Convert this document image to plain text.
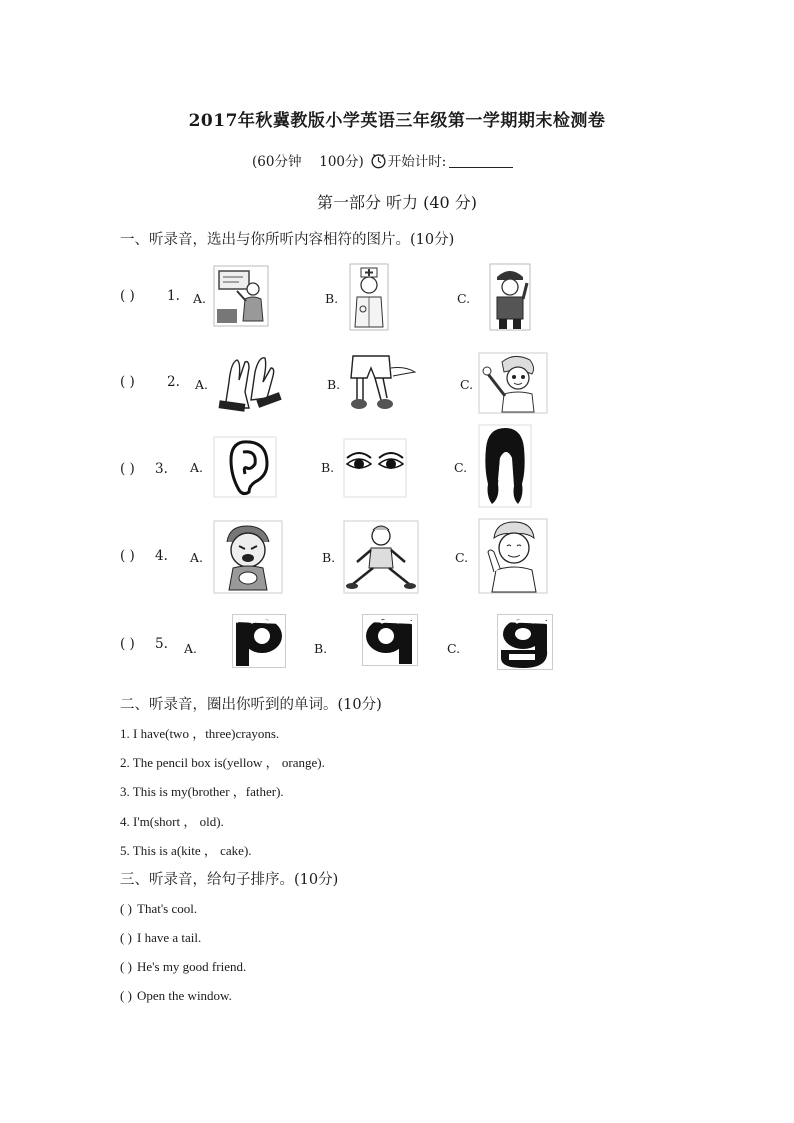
2017年秋冀教版小学英语三年级第一学期期末检测卷
(60分钟　 100分) 开始计时:
第一部分 听力 (40 分)
一、听录音，选出与你所听内容相符的图片。(10分)
( ) 1. A.	B.	C.
( ) 2. A.	B.	C.
( ) 3. A.	B.	C.
( ) 4. A.	B.	C.
( ) 5. A.	B.	C.
二、听录音，圈出你听到的单词。(10分)
1. I have(two ，three)crayons.
2. The pencil box is(yellow ， orange).
3. This is my(brother ，father).
4. I'm(short ， old).
5. This is a(kite ， cake).
三、听录音，给句子排序。(10分)
( ) That's cool.
( ) I have a tail.
( ) He's my good friend.
( ) Open the window.
